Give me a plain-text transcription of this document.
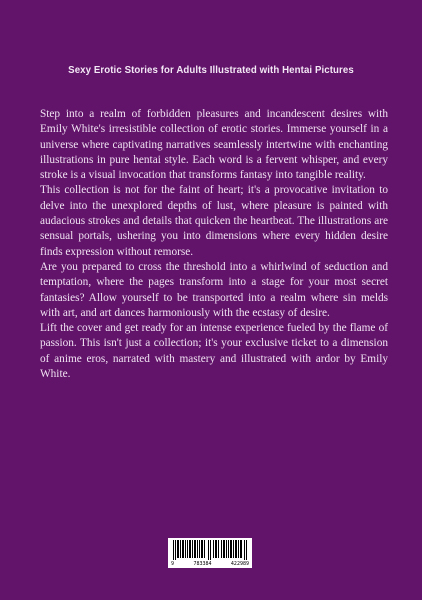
Sexy Erotic Stories for Adults Illustrated with Hentai Pictures

Step into a realm of forbidden pleasures and incandescent desires with Emily White's irresistible collection of erotic stories. Immerse yourself in a universe where captivating narratives seamlessly intertwine with enchanting illustrations in pure hentai style. Each word is a fervent whisper, and every stroke is a visual invocation that transforms fantasy into tangible reality.

This collection is not for the faint of heart; it's a provocative invitation to delve into the unexplored depths of lust, where pleasure is painted with audacious strokes and details that quicken the heartbeat. The illustrations are sensual portals, ushering you into dimensions where every hidden desire finds expression without remorse.

Are you prepared to cross the threshold into a whirlwind of seduction and temptation, where the pages transform into a stage for your most secret fantasies? Allow yourself to be transported into a realm where sin melds with art, and art dances harmoniously with the ecstasy of desire.

Lift the cover and get ready for an intense experience fueled by the flame of passion. This isn't just a collection; it's your exclusive ticket to a dimension of anime eros, narrated with mastery and illustrated with ardor by Emily White.

9	783384	422989
